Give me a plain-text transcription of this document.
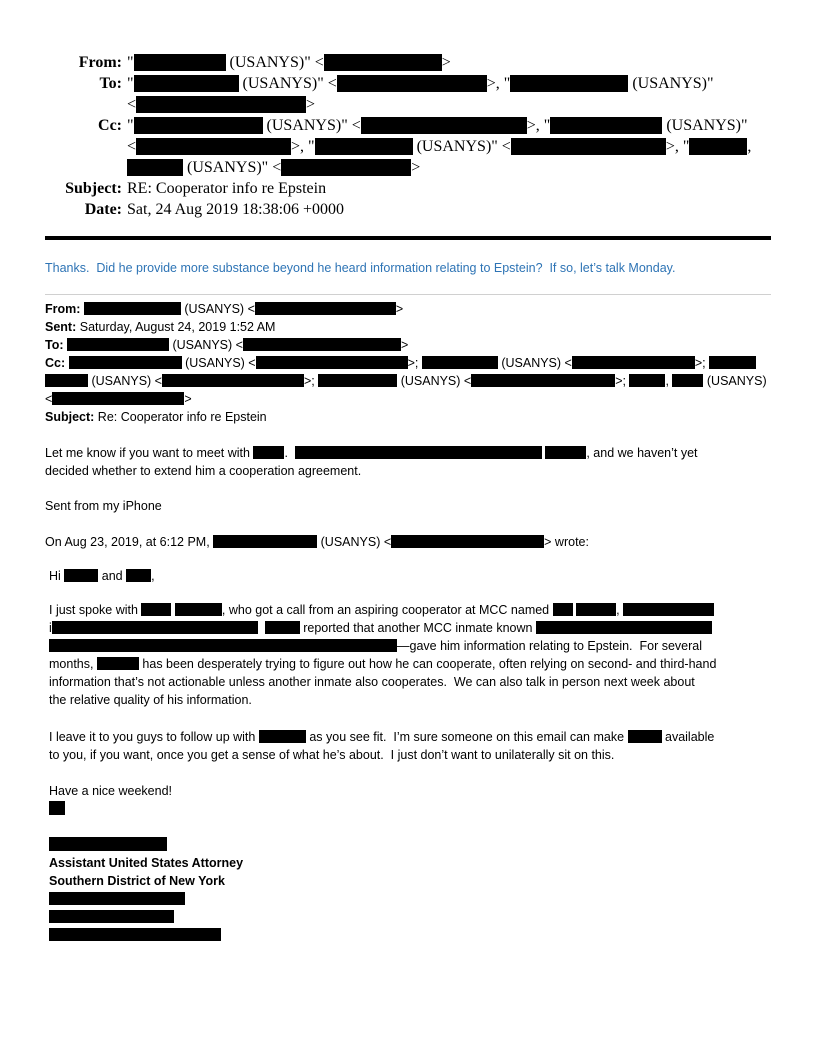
From: "	(USANYS)" <	>
To: "	(USANYS)" <	>, "	(USANYS)"
<	>
Cc: "	(USANYS)" <	>, "	(USANYS)"
<	>, "	(USANYS)" <	>, "	,
(USANYS)" <	>
Subject: RE: Cooperator info re Epstein
Date: Sat, 24 Aug 2019 18:38:06 +0000
Thanks.  Did he provide more substance beyond he heard information relating to Epstein?  If so, let’s talk Monday.
From:	(USANYS) <	>
Sent: Saturday, August 24, 2019 1:52 AM
To:	(USANYS) <	>
Cc:	(USANYS) <	>;	(USANYS) <	>;
(USANYS) <	>;	(USANYS) <	>;	,  (USANYS)
<	>
Subject: Re: Cooperator info re Epstein
Let me know if you want to meet with .	, and we haven’t yet
decided whether to extend him a cooperation agreement.
Sent from my iPhone
On Aug 23, 2019, at 6:12 PM,	(USANYS) <	> wrote:
Hi	and ,
I just spoke with	, who got a call from an aspiring cooperator at MCC named	,
i	reported that another MCC inmate known
—gave him information relating to Epstein.  For several
months,	has been desperately trying to figure out how he can cooperate, often relying on second- and third-hand
information that’s not actionable unless another inmate also cooperates.  We can also talk in person next week about
the relative quality of his information.
I leave it to you guys to follow up with	as you see fit.  I’m sure someone on this email can make	available
to you, if you want, once you get a sense of what he’s about.  I just don’t want to unilaterally sit on this.
Have a nice weekend!
Assistant United States Attorney
Southern District of New York
